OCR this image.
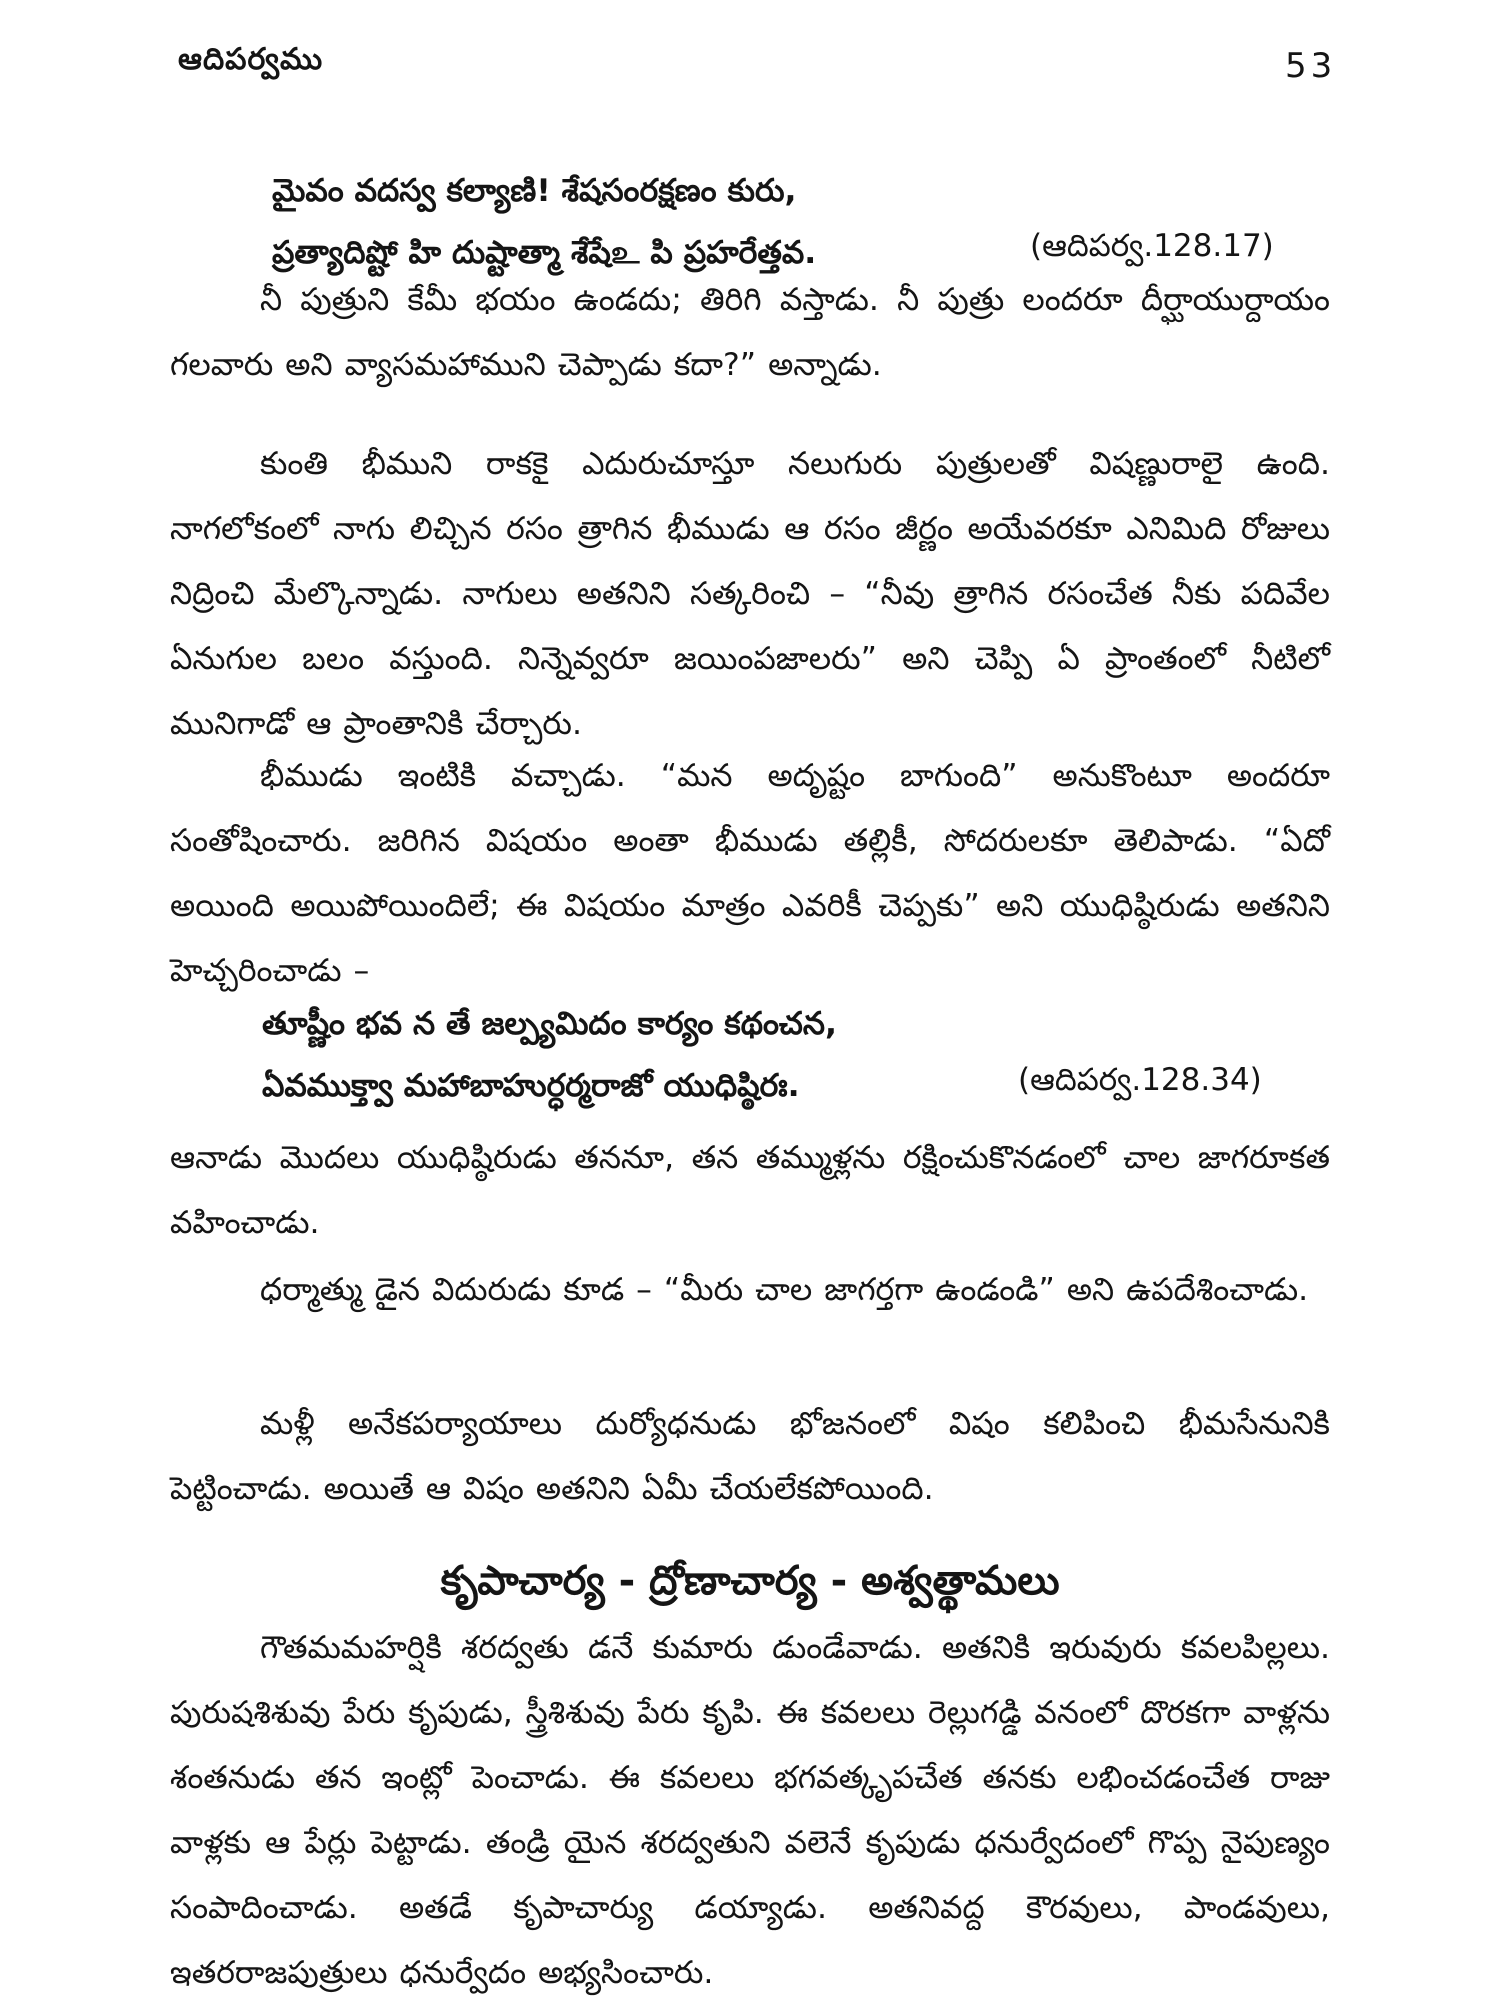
ఆదిపర్వము	53
మైవం వదస్వ కల్యాణి! శేషసంరక్షణం కురు,
ప్రత్యాదిష్టో హి దుష్టాత్మా శేషేஉ పి ప్రహరేత్తవ.	(ఆదిపర్వ.128.17)

నీ పుత్రుని కేమీ భయం ఉండదు; తిరిగి వస్తాడు. నీ పుత్రు లందరూ దీర్ఘాయుర్దాయం గలవారు అని వ్యాసమహాముని చెప్పాడు కదా?” అన్నాడు.

కుంతి భీముని రాకకై ఎదురుచూస్తూ నలుగురు పుత్రులతో విషణ్ణురాలై ఉంది. నాగలోకంలో నాగు లిచ్చిన రసం త్రాగిన భీముడు ఆ రసం జీర్ణం అయేవరకూ ఎనిమిది రోజులు నిద్రించి మేల్కొన్నాడు. నాగులు అతనిని సత్కరించి – “నీవు త్రాగిన రసంచేత నీకు పదివేల ఏనుగుల బలం వస్తుంది. నిన్నెవ్వరూ జయింపజాలరు” అని చెప్పి ఏ ప్రాంతంలో నీటిలో మునిగాడో ఆ ప్రాంతానికి చేర్చారు.

భీముడు ఇంటికి వచ్చాడు. “మన అదృష్టం బాగుంది” అనుకొంటూ అందరూ సంతోషించారు. జరిగిన విషయం అంతా భీముడు తల్లికీ, సోదరులకూ తెలిపాడు. “ఏదో అయింది అయిపోయిందిలే; ఈ విషయం మాత్రం ఎవరికీ చెప్పకు” అని యుధిష్ఠిరుడు అతనిని హెచ్చరించాడు –

తూష్ణీం భవ న తే జల్ప్యమిదం కార్యం కథంచన,
ఏవముక్త్వా మహాబాహుర్ధర్మరాజో యుధిష్ఠిరః.	(ఆదిపర్వ.128.34)

ఆనాడు మొదలు యుధిష్ఠిరుడు తననూ, తన తమ్ముళ్లను రక్షించుకొనడంలో చాల జాగరూకత వహించాడు.

ధర్మాత్ము డైన విదురుడు కూడ – “మీరు చాల జాగర్తగా ఉండండి” అని ఉపదేశించాడు.

మళ్లీ అనేకపర్యాయాలు దుర్యోధనుడు భోజనంలో విషం కలిపించి భీమసేనునికి పెట్టించాడు. అయితే ఆ విషం అతనిని ఏమీ చేయలేకపోయింది.

కృపాచార్య - ద్రోణాచార్య - అశ్వత్థామలు

గౌతమమహర్షికి శరద్వతు డనే కుమారు డుండేవాడు. అతనికి ఇరువురు కవలపిల్లలు. పురుషశిశువు పేరు కృపుడు, స్త్రీశిశువు పేరు కృపి. ఈ కవలలు రెల్లుగడ్డి వనంలో దొరకగా వాళ్లను శంతనుడు తన ఇంట్లో పెంచాడు. ఈ కవలలు భగవత్కృపచేత తనకు లభించడంచేత రాజు వాళ్లకు ఆ పేర్లు పెట్టాడు. తండ్రి యైన శరద్వతుని వలెనే కృపుడు ధనుర్వేదంలో గొప్ప నైపుణ్యం సంపాదించాడు. అతడే కృపాచార్యు డయ్యాడు. అతనివద్ద కౌరవులు, పాండవులు, ఇతరరాజపుత్రులు ధనుర్వేదం అభ్యసించారు.
